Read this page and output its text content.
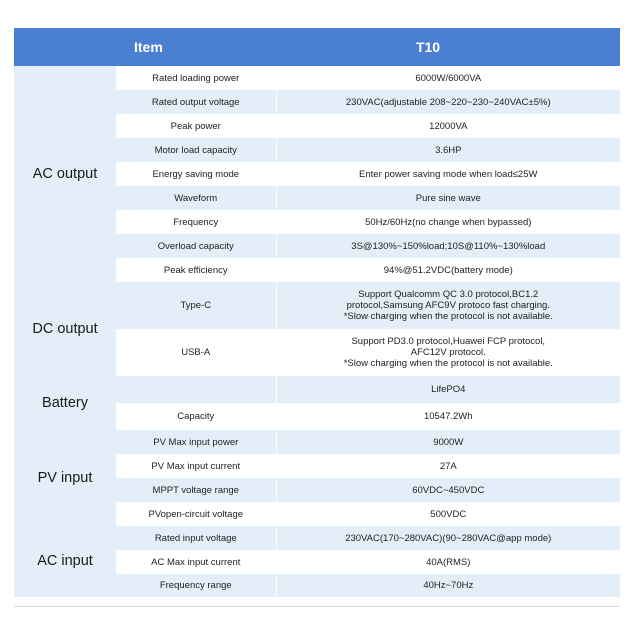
Item		T10
AC output	Rated loading power	6000W/6000VA
	Rated output voltage	230VAC(adjustable 208~220~230~240VAC±5%)
	Peak power	12000VA
	Motor load capacity	3.6HP
	Energy saving mode	Enter power saving mode when load≤25W
	Waveform	Pure sine wave
	Frequency	50Hz/60Hz(no change when bypassed)
	Overload capacity	3S@130%~150%load;10S@110%~130%load
	Peak efficiency	94%@51.2VDC(battery mode)
DC output	Type-C	Support Qualcomm QC 3.0 protocol,BC1.2
protocol,Samsung AFC9V protoco fast charging.
*Slow charging when the protocol is not available.

	USB-A	Support PD3.0 protocol,Huawei FCP protocol,
AFC12V protocol.
*Slow charging when the protocol is not available.

Battery		LifePO4
	Capacity	10547.2Wh
PV input	PV Max input power	9000W
	PV Max input current	27A
	MPPT voltage range	60VDC~450VDC
	PVopen-circuit voltage	500VDC
AC input	Rated input voltage	230VAC(170~280VAC)(90~280VAC@app mode)
	AC Max input current	40A(RMS)
	Frequency range	40Hz~70Hz
